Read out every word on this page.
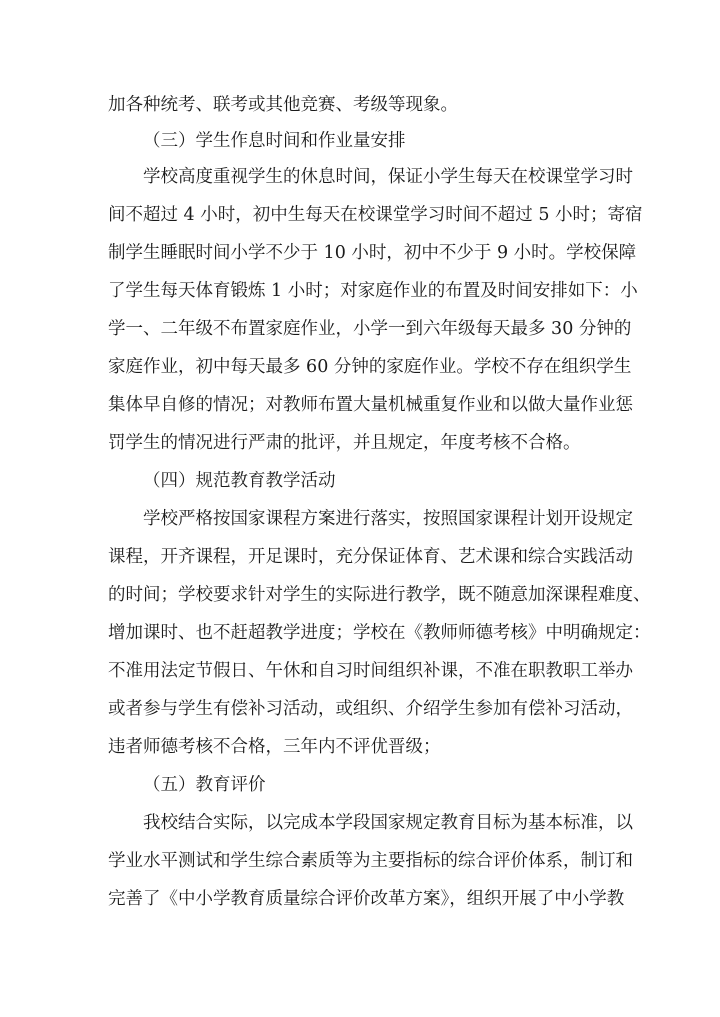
加各种统考、联考或其他竞赛、考级等现象。
（三）学生作息时间和作业量安排
学校高度重视学生的休息时间，保证小学生每天在校课堂学习时
间不超过 4 小时，初中生每天在校课堂学习时间不超过 5 小时；寄宿
制学生睡眠时间小学不少于 10 小时，初中不少于 9 小时。学校保障
了学生每天体育锻炼 1 小时；对家庭作业的布置及时间安排如下：小
学一、二年级不布置家庭作业，小学一到六年级每天最多 30 分钟的
家庭作业，初中每天最多 60 分钟的家庭作业。学校不存在组织学生
集体早自修的情况；对教师布置大量机械重复作业和以做大量作业惩
罚学生的情况进行严肃的批评，并且规定，年度考核不合格。
（四）规范教育教学活动
学校严格按国家课程方案进行落实，按照国家课程计划开设规定
课程，开齐课程，开足课时，充分保证体育、艺术课和综合实践活动
的时间；学校要求针对学生的实际进行教学，既不随意加深课程难度、
增加课时、也不赶超教学进度；学校在《教师师德考核》中明确规定：
不准用法定节假日、午休和自习时间组织补课，不准在职教职工举办
或者参与学生有偿补习活动，或组织、介绍学生参加有偿补习活动，
违者师德考核不合格，三年内不评优晋级；
（五）教育评价
我校结合实际，以完成本学段国家规定教育目标为基本标准，以
学业水平测试和学生综合素质等为主要指标的综合评价体系，制订和
完善了《中小学教育质量综合评价改革方案》，组织开展了中小学教
